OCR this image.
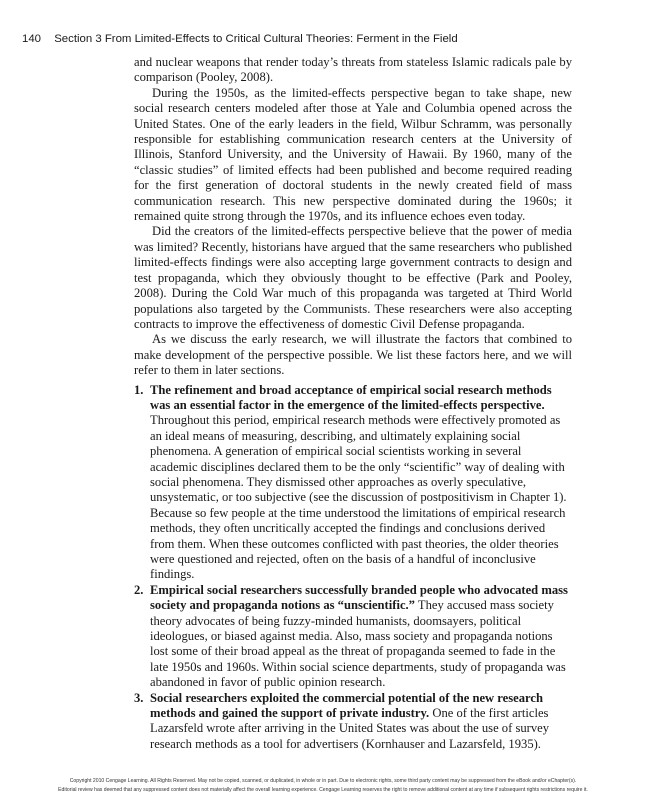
140 Section 3 From Limited-Effects to Critical Cultural Theories: Ferment in the Field

and nuclear weapons that render today’s threats from stateless Islamic radicals pale by comparison (Pooley, 2008).

During the 1950s, as the limited-effects perspective began to take shape, new social research centers modeled after those at Yale and Columbia opened across the United States. One of the early leaders in the field, Wilbur Schramm, was personally responsible for establishing communication research centers at the University of Illinois, Stanford University, and the University of Hawaii. By 1960, many of the “classic studies” of limited effects had been published and become required reading for the first generation of doctoral students in the newly created field of mass communication research. This new perspective dominated during the 1960s; it remained quite strong through the 1970s, and its influence echoes even today.

Did the creators of the limited-effects perspective believe that the power of media was limited? Recently, historians have argued that the same researchers who published limited-effects findings were also accepting large government contracts to design and test propaganda, which they obviously thought to be effective (Park and Pooley, 2008). During the Cold War much of this propaganda was targeted at Third World populations also targeted by the Communists. These researchers were also accepting contracts to improve the effectiveness of domestic Civil Defense propaganda.

As we discuss the early research, we will illustrate the factors that combined to make development of the perspective possible. We list these factors here, and we will refer to them in later sections.

1. The refinement and broad acceptance of empirical social research methods was an essential factor in the emergence of the limited-effects perspective. Throughout this period, empirical research methods were effectively promoted as an ideal means of measuring, describing, and ultimately explaining social phenomena. A generation of empirical social scientists working in several academic disciplines declared them to be the only “scientific” way of dealing with social phenomena. They dismissed other approaches as overly speculative, unsystematic, or too subjective (see the discussion of postpositivism in Chapter 1). Because so few people at the time understood the limitations of empirical research methods, they often uncritically accepted the findings and conclusions derived from them. When these outcomes conflicted with past theories, the older theories were questioned and rejected, often on the basis of a handful of inconclusive findings.
2. Empirical social researchers successfully branded people who advocated mass society and propaganda notions as “unscientific.” They accused mass society theory advocates of being fuzzy-minded humanists, doomsayers, political ideologues, or biased against media. Also, mass society and propaganda notions lost some of their broad appeal as the threat of propaganda seemed to fade in the late 1950s and 1960s. Within social science departments, study of propaganda was abandoned in favor of public opinion research.
3. Social researchers exploited the commercial potential of the new research methods and gained the support of private industry. One of the first articles Lazarsfeld wrote after arriving in the United States was about the use of survey research methods as a tool for advertisers (Kornhauser and Lazarsfeld, 1935).
Copyright 2010 Cengage Learning. All Rights Reserved. May not be copied, scanned, or duplicated, in whole or in part. Due to electronic rights, some third party content may be suppressed from the eBook and/or eChapter(s).
Editorial review has deemed that any suppressed content does not materially affect the overall learning experience. Cengage Learning reserves the right to remove additional content at any time if subsequent rights restrictions require it.
